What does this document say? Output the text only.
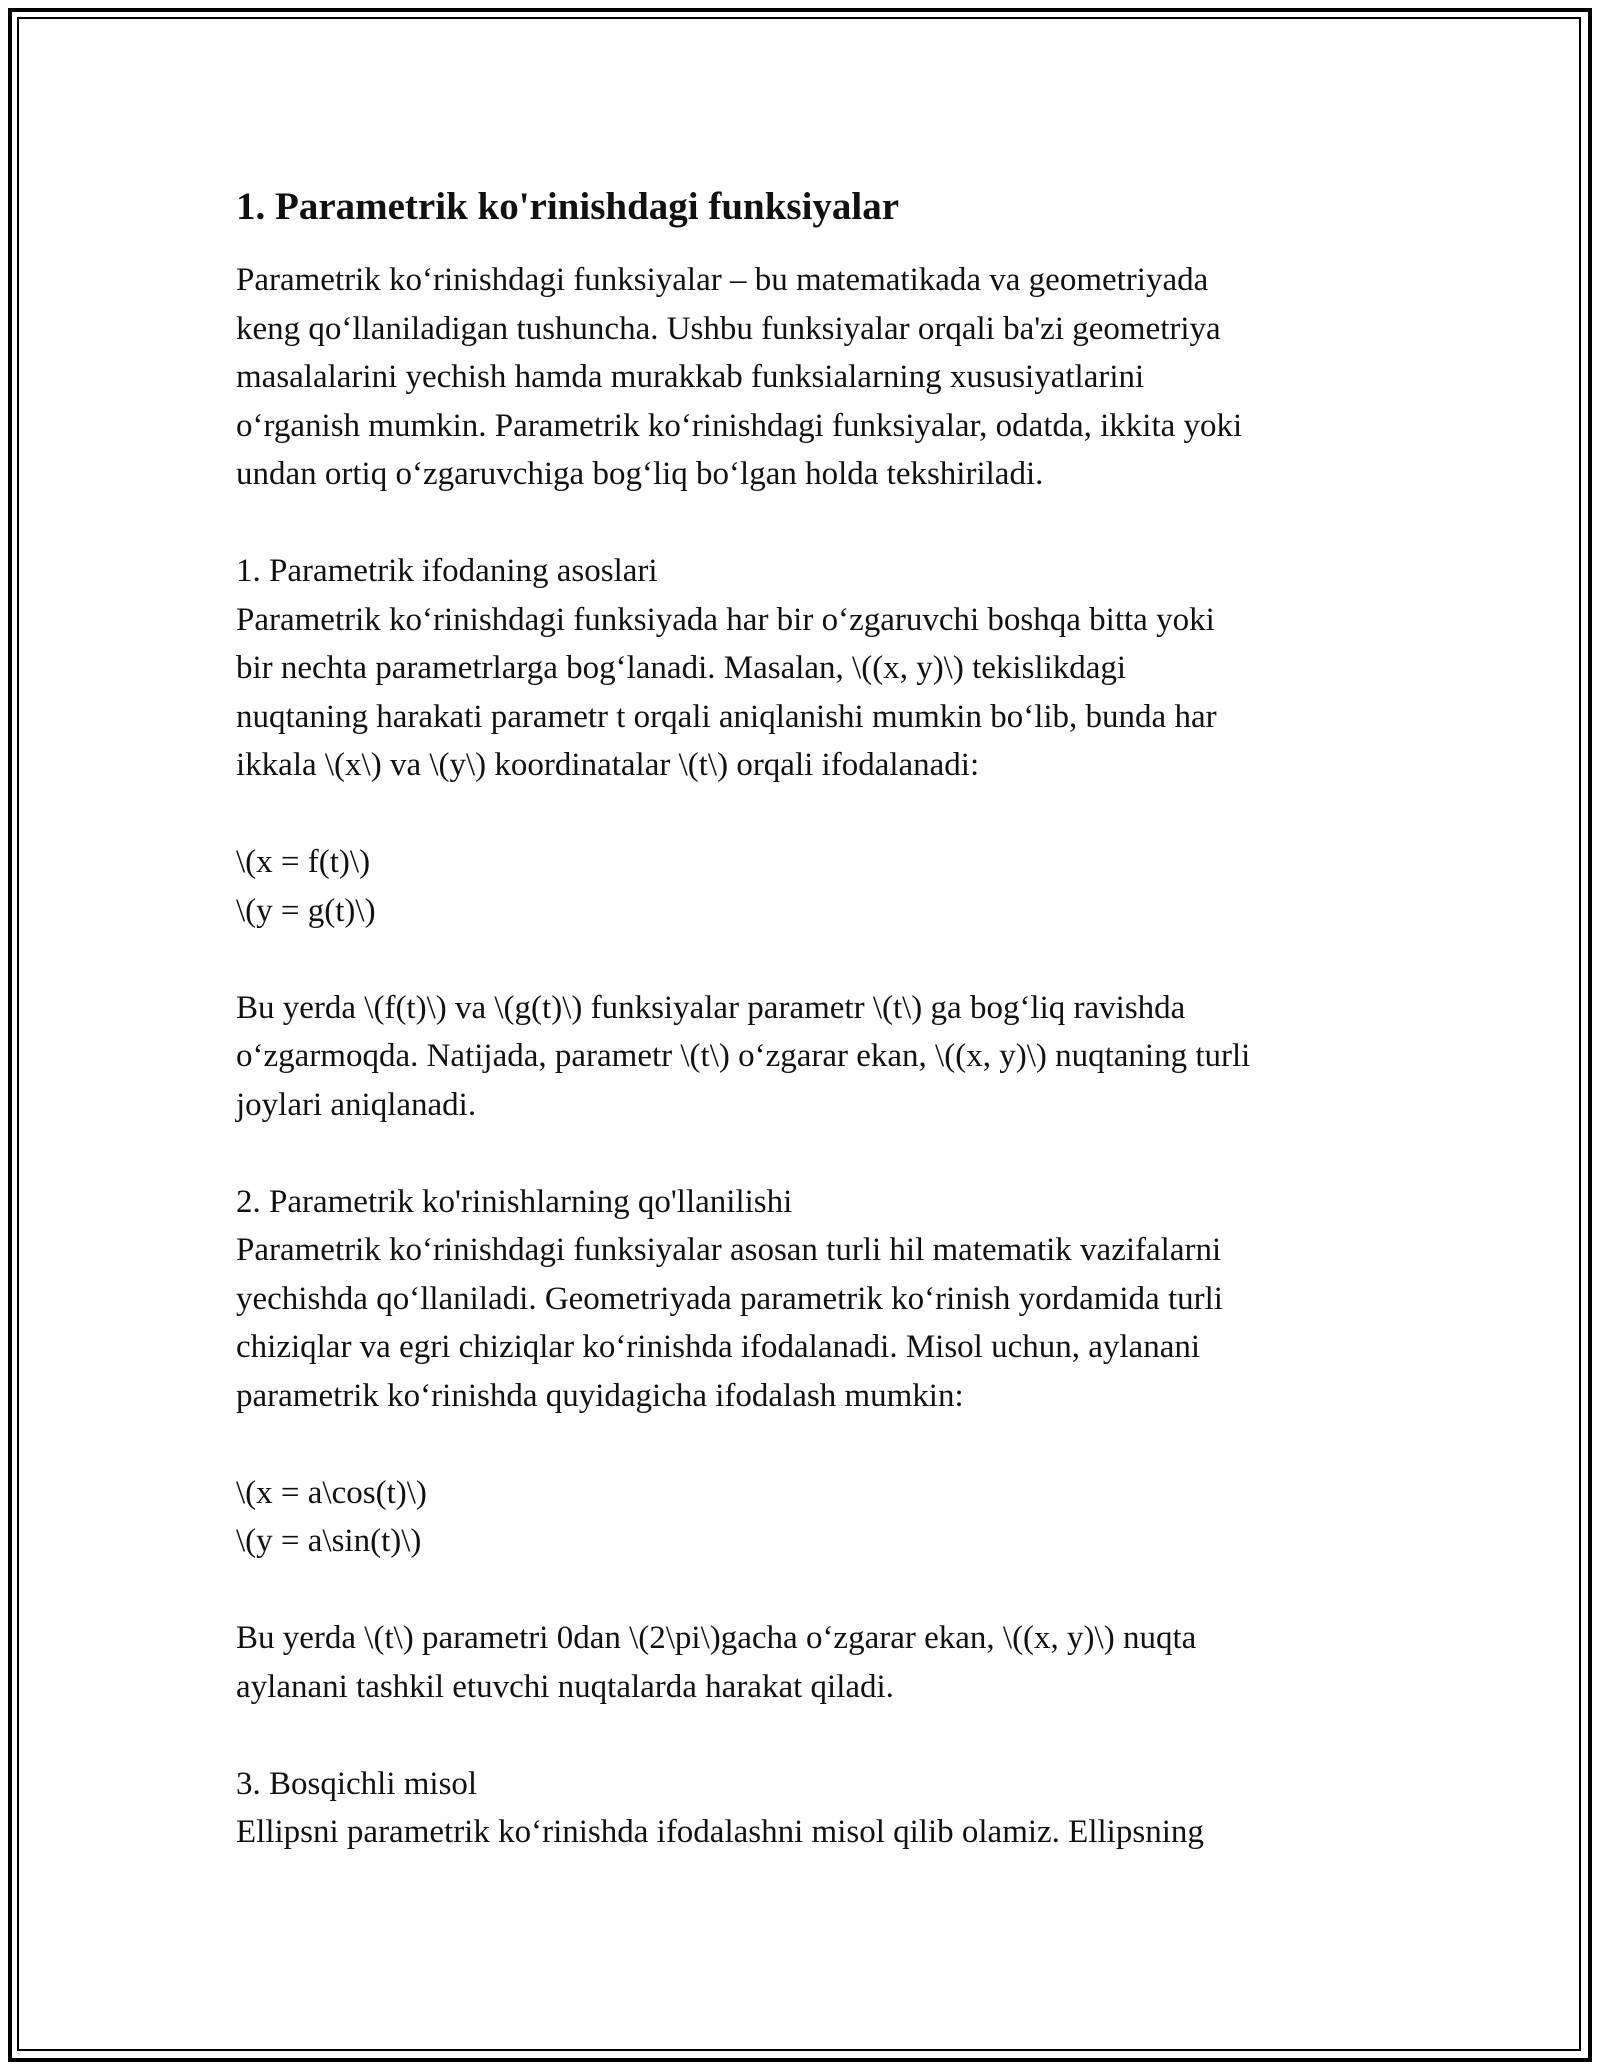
1. Parametrik ko'rinishdagi funksiyalar
Parametrik ko‘rinishdagi funksiyalar – bu matematikada va geometriyada
keng qo‘llaniladigan tushuncha. Ushbu funksiyalar orqali ba'zi geometriya
masalalarini yechish hamda murakkab funksialarning xususiyatlarini
o‘rganish mumkin. Parametrik ko‘rinishdagi funksiyalar, odatda, ikkita yoki
undan ortiq o‘zgaruvchiga bog‘liq bo‘lgan holda tekshiriladi.
1. Parametrik ifodaning asoslari
Parametrik ko‘rinishdagi funksiyada har bir o‘zgaruvchi boshqa bitta yoki
bir nechta parametrlarga bog‘lanadi. Masalan, \((x, y)\) tekislikdagi
nuqtaning harakati parametr t orqali aniqlanishi mumkin bo‘lib, bunda har
ikkala \(x\) va \(y\) koordinatalar \(t\) orqali ifodalanadi:
\(x = f(t)\)
\(y = g(t)\)
Bu yerda \(f(t)\) va \(g(t)\) funksiyalar parametr \(t\) ga bog‘liq ravishda
o‘zgarmoqda. Natijada, parametr \(t\) o‘zgarar ekan, \((x, y)\) nuqtaning turli
joylari aniqlanadi.
2. Parametrik ko'rinishlarning qo'llanilishi
Parametrik ko‘rinishdagi funksiyalar asosan turli hil matematik vazifalarni
yechishda qo‘llaniladi. Geometriyada parametrik ko‘rinish yordamida turli
chiziqlar va egri chiziqlar ko‘rinishda ifodalanadi. Misol uchun, aylanani
parametrik ko‘rinishda quyidagicha ifodalash mumkin:
\(x = a\cos(t)\)
\(y = a\sin(t)\)
Bu yerda \(t\) parametri 0dan \(2\pi\)gacha o‘zgarar ekan, \((x, y)\) nuqta
aylanani tashkil etuvchi nuqtalarda harakat qiladi.
3. Bosqichli misol
Ellipsni parametrik ko‘rinishda ifodalashni misol qilib olamiz. Ellipsning
